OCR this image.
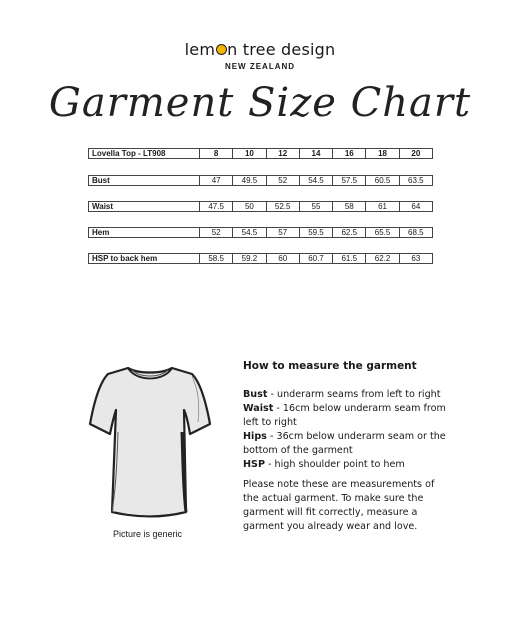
lem n tree design
NEW ZEALAND
Garment Size Chart
Lovella Top - LT908	8	10	12	14	16	18	20
Bust	47	49.5	52	54.5	57.5	60.5	63.5
Waist	47.5	50	52.5	55	58	61	64
Hem	52	54.5	57	59.5	62.5	65.5	68.5
HSP to back hem	58.5	59.2	60	60.7	61.5	62.2	63
Picture is generic
How to measure the garment

Bust - underarm seams from left to right

Waist - 16cm below underarm seam from left to right

Hips - 36cm below underarm seam or the bottom of the garment

HSP - high shoulder point to hem

Please note these are measurements of the actual garment. To make sure the garment will fit correctly, measure a garment you already wear and love.
